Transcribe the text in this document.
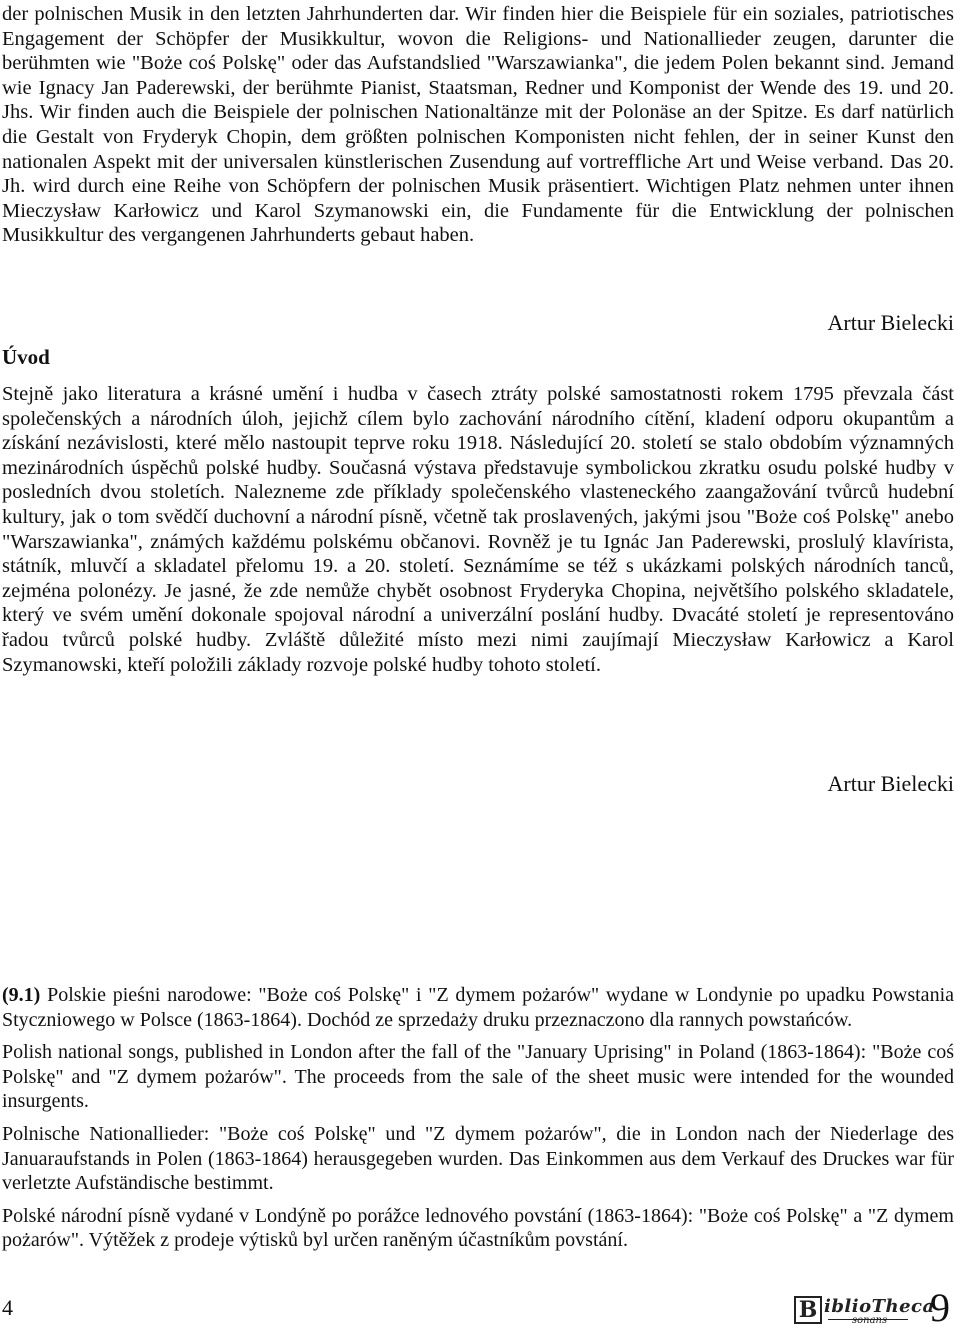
der polnischen Musik in den letzten Jahrhunderten dar. Wir finden hier die Beispiele für ein soziales, patriotisches Engagement der Schöpfer der Musikkultur, wovon die Religions- und Nationallieder zeugen, darunter die berühmten wie "Boże coś Polskę" oder das Aufstandslied "Warszawianka", die jedem Polen bekannt sind. Jemand wie Ignacy Jan Paderewski, der berühmte Pianist, Staatsman, Redner und Komponist der Wende des 19. und 20. Jhs. Wir finden auch die Beispiele der polnischen Nationaltänze mit der Polonäse an der Spitze. Es darf natürlich die Gestalt von Fryderyk Chopin, dem größten polnischen Komponisten nicht fehlen, der in seiner Kunst den nationalen Aspekt mit der universalen künstlerischen Zusendung auf vortreffliche Art und Weise verband. Das 20. Jh. wird durch eine Reihe von Schöpfern der polnischen Musik präsentiert. Wichtigen Platz nehmen unter ihnen Mieczysław Karłowicz und Karol Szymanowski ein, die Fundamente für die Entwicklung der polnischen Musikkultur des vergangenen Jahrhunderts gebaut haben.

Artur Bielecki

Úvod

Stejně jako literatura a krásné umění i hudba v časech ztráty polské samostatnosti rokem 1795 převzala část společenských a národních úloh, jejichž cílem bylo zachování národního cítění, kladení odporu okupantům a získání nezávislosti, které mělo nastoupit teprve roku 1918. Následující 20. století se stalo obdobím významných mezinárodních úspěchů polské hudby. Současná výstava představuje symbolickou zkratku osudu polské hudby v posledních dvou stoletích. Nalezneme zde příklady společenského vlasteneckého zaangažování tvůrců hudební kultury, jak o tom svědčí duchovní a národní písně, včetně tak proslavených, jakými jsou "Boże coś Polskę" anebo "Warszawianka", známých každému polskému občanovi. Rovněž je tu Ignác Jan Paderewski, proslulý klavírista, státník, mluvčí a skladatel přelomu 19. a 20. století. Seznámíme se též s ukázkami polských národních tanců, zejména polonézy. Je jasné, že zde nemůže chybět osobnost Fryderyka Chopina, největšího polského skladatele, který ve svém umění dokonale spojoval národní a univerzální poslání hudby. Dvacáté století je representováno řadou tvůrců polské hudby. Zvláště důležité místo mezi nimi zaujímají Mieczysław Karłowicz a Karol Szymanowski, kteří položili základy rozvoje polské hudby tohoto století.

Artur Bielecki

(9.1) Polskie pieśni narodowe: "Boże coś Polskę" i "Z dymem pożarów" wydane w Londynie po upadku Powstania Styczniowego w Polsce (1863-1864). Dochód ze sprzedaży druku przeznaczono dla rannych powstańców.

Polish national songs, published in London after the fall of the "January Uprising" in Poland (1863-1864): "Boże coś Polskę" and "Z dymem pożarów". The proceeds from the sale of the sheet music were intended for the wounded insurgents.

Polnische Nationallieder: "Boże coś Polskę" und "Z dymem pożarów", die in London nach der Niederlage des Januaraufstands in Polen (1863-1864) herausgegeben wurden. Das Einkommen aus dem Verkauf des Druckes war für verletzte Aufständische bestimmt.

Polské národní písně vydané v Londýně po porážce lednového povstání (1863-1864): "Boże coś Polskę" a "Z dymem pożarów". Výtěžek z prodeje výtisků byl určen raněným účastníkům povstání.

4	B iblioTheca
sonans 9
